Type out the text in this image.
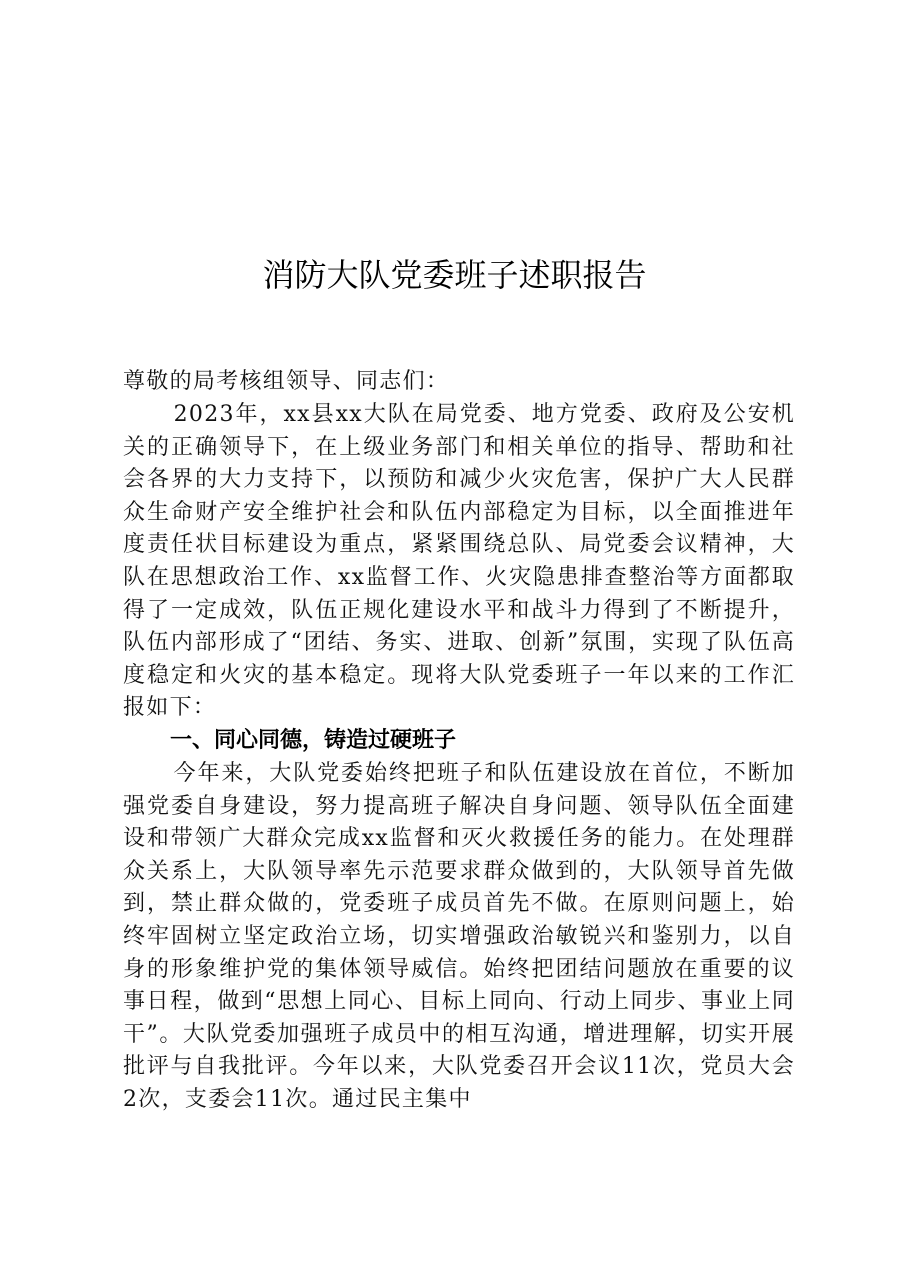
消防大队党委班子述职报告
尊敬的局考核组领导、同志们：
2023年，xx县xx大队在局党委、地方党委、政府及公安机关的正确领导下，在上级业务部门和相关单位的指导、帮助和社会各界的大力支持下，以预防和减少火灾危害，保护广大人民群众生命财产安全维护社会和队伍内部稳定为目标，以全面推进年度责任状目标建设为重点，紧紧围绕总队、局党委会议精神，大队在思想政治工作、xx监督工作、火灾隐患排查整治等方面都取得了一定成效，队伍正规化建设水平和战斗力得到了不断提升，队伍内部形成了“团结、务实、进取、创新”氛围，实现了队伍高度稳定和火灾的基本稳定。现将大队党委班子一年以来的工作汇报如下：
一、同心同德，铸造过硬班子
今年来，大队党委始终把班子和队伍建设放在首位，不断加强党委自身建设，努力提高班子解决自身问题、领导队伍全面建设和带领广大群众完成xx监督和灭火救援任务的能力。在处理群众关系上，大队领导率先示范要求群众做到的，大队领导首先做到，禁止群众做的，党委班子成员首先不做。在原则问题上，始终牢固树立坚定政治立场，切实增强政治敏锐兴和鉴别力，以自身的形象维护党的集体领导威信。始终把团结问题放在重要的议事日程，做到“思想上同心、目标上同向、行动上同步、事业上同干”。大队党委加强班子成员中的相互沟通，增进理解，切实开展批评与自我批评。今年以来，大队党委召开会议11次，党员大会2次，支委会11次。通过民主集中
